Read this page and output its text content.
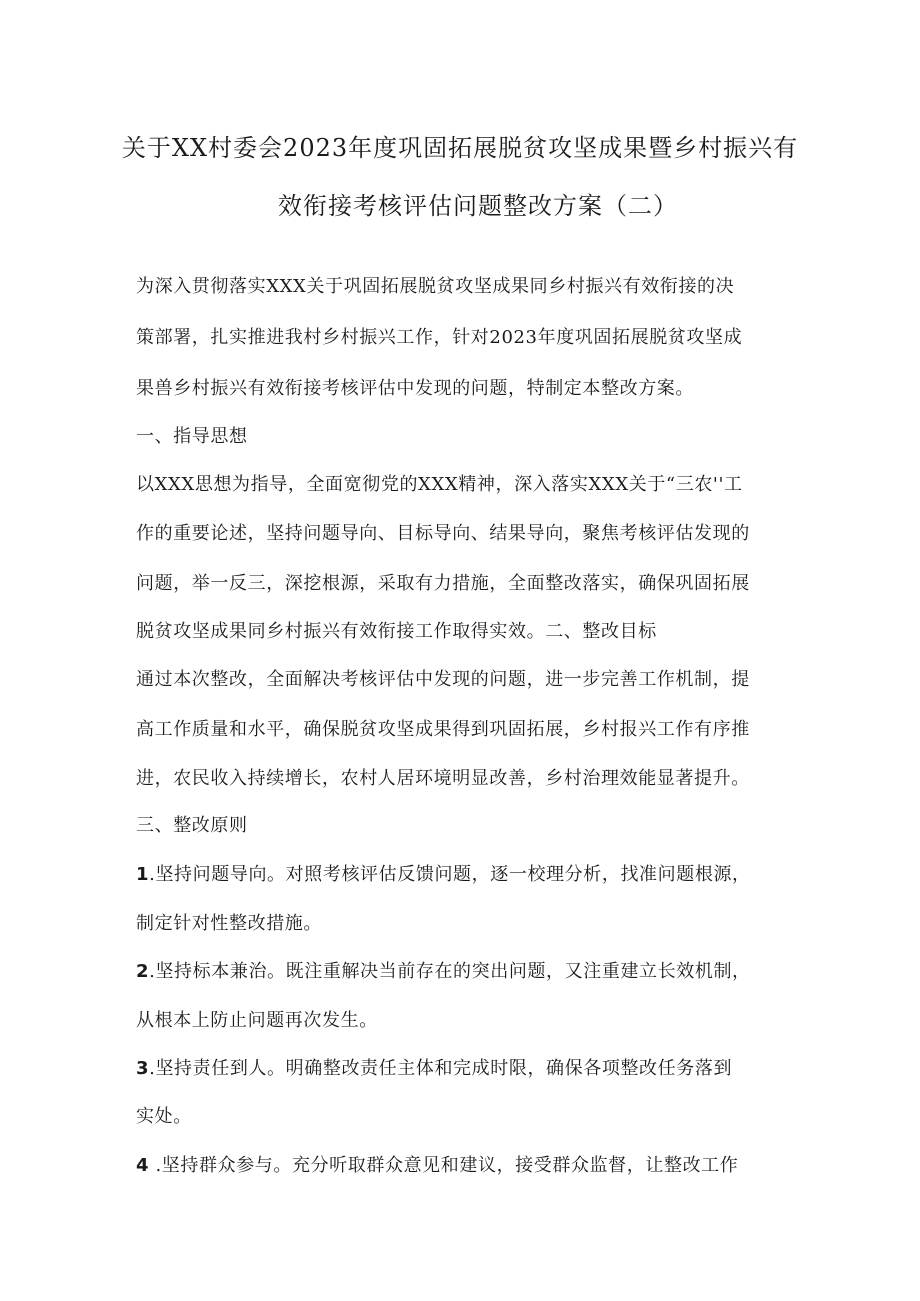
关于XX村委会2023年度巩固拓展脱贫攻坚成果暨乡村振兴有
效衔接考核评估问题整改方案（二）
为深入贯彻落实XXX关于巩固拓展脱贫攻坚成果同乡村振兴有效衔接的决
策部署，扎实推进我村乡村振兴工作，针对2023年度巩固拓展脱贫攻坚成
果兽乡村振兴有效衔接考核评估中发现的问题，特制定本整改方案。
一、指导思想
以XXX思想为指导，全面宽彻党的XXX精神，深入落实XXX关于“三农''工
作的重要论述，坚持问题导向、目标导向、结果导向，聚焦考核评估发现的
问题，举一反三，深挖根源，采取有力措施，全面整改落实，确保巩固拓展
脱贫攻坚成果同乡村振兴有效衔接工作取得实效。二、整改目标
通过本次整改，全面解决考核评估中发现的问题，进一步完善工作机制，提
高工作质量和水平，确保脱贫攻坚成果得到巩固拓展，乡村报兴工作有序推
进，农民收入持续增长，农村人居环境明显改善，乡村治理效能显著提升。
三、整改原则
1.坚持问题导向。对照考核评估反馈问题，逐一校理分析，找准问题根源，
制定针对性整改措施。
2.坚持标本兼治。既注重解决当前存在的突出问题，又注重建立长效机制，
从根本上防止问题再次发生。
3.坚持责任到人。明确整改责任主体和完成时限，确保各项整改任务落到
实处。
4 .坚持群众参与。充分听取群众意见和建议，接受群众监督，让整改工作
